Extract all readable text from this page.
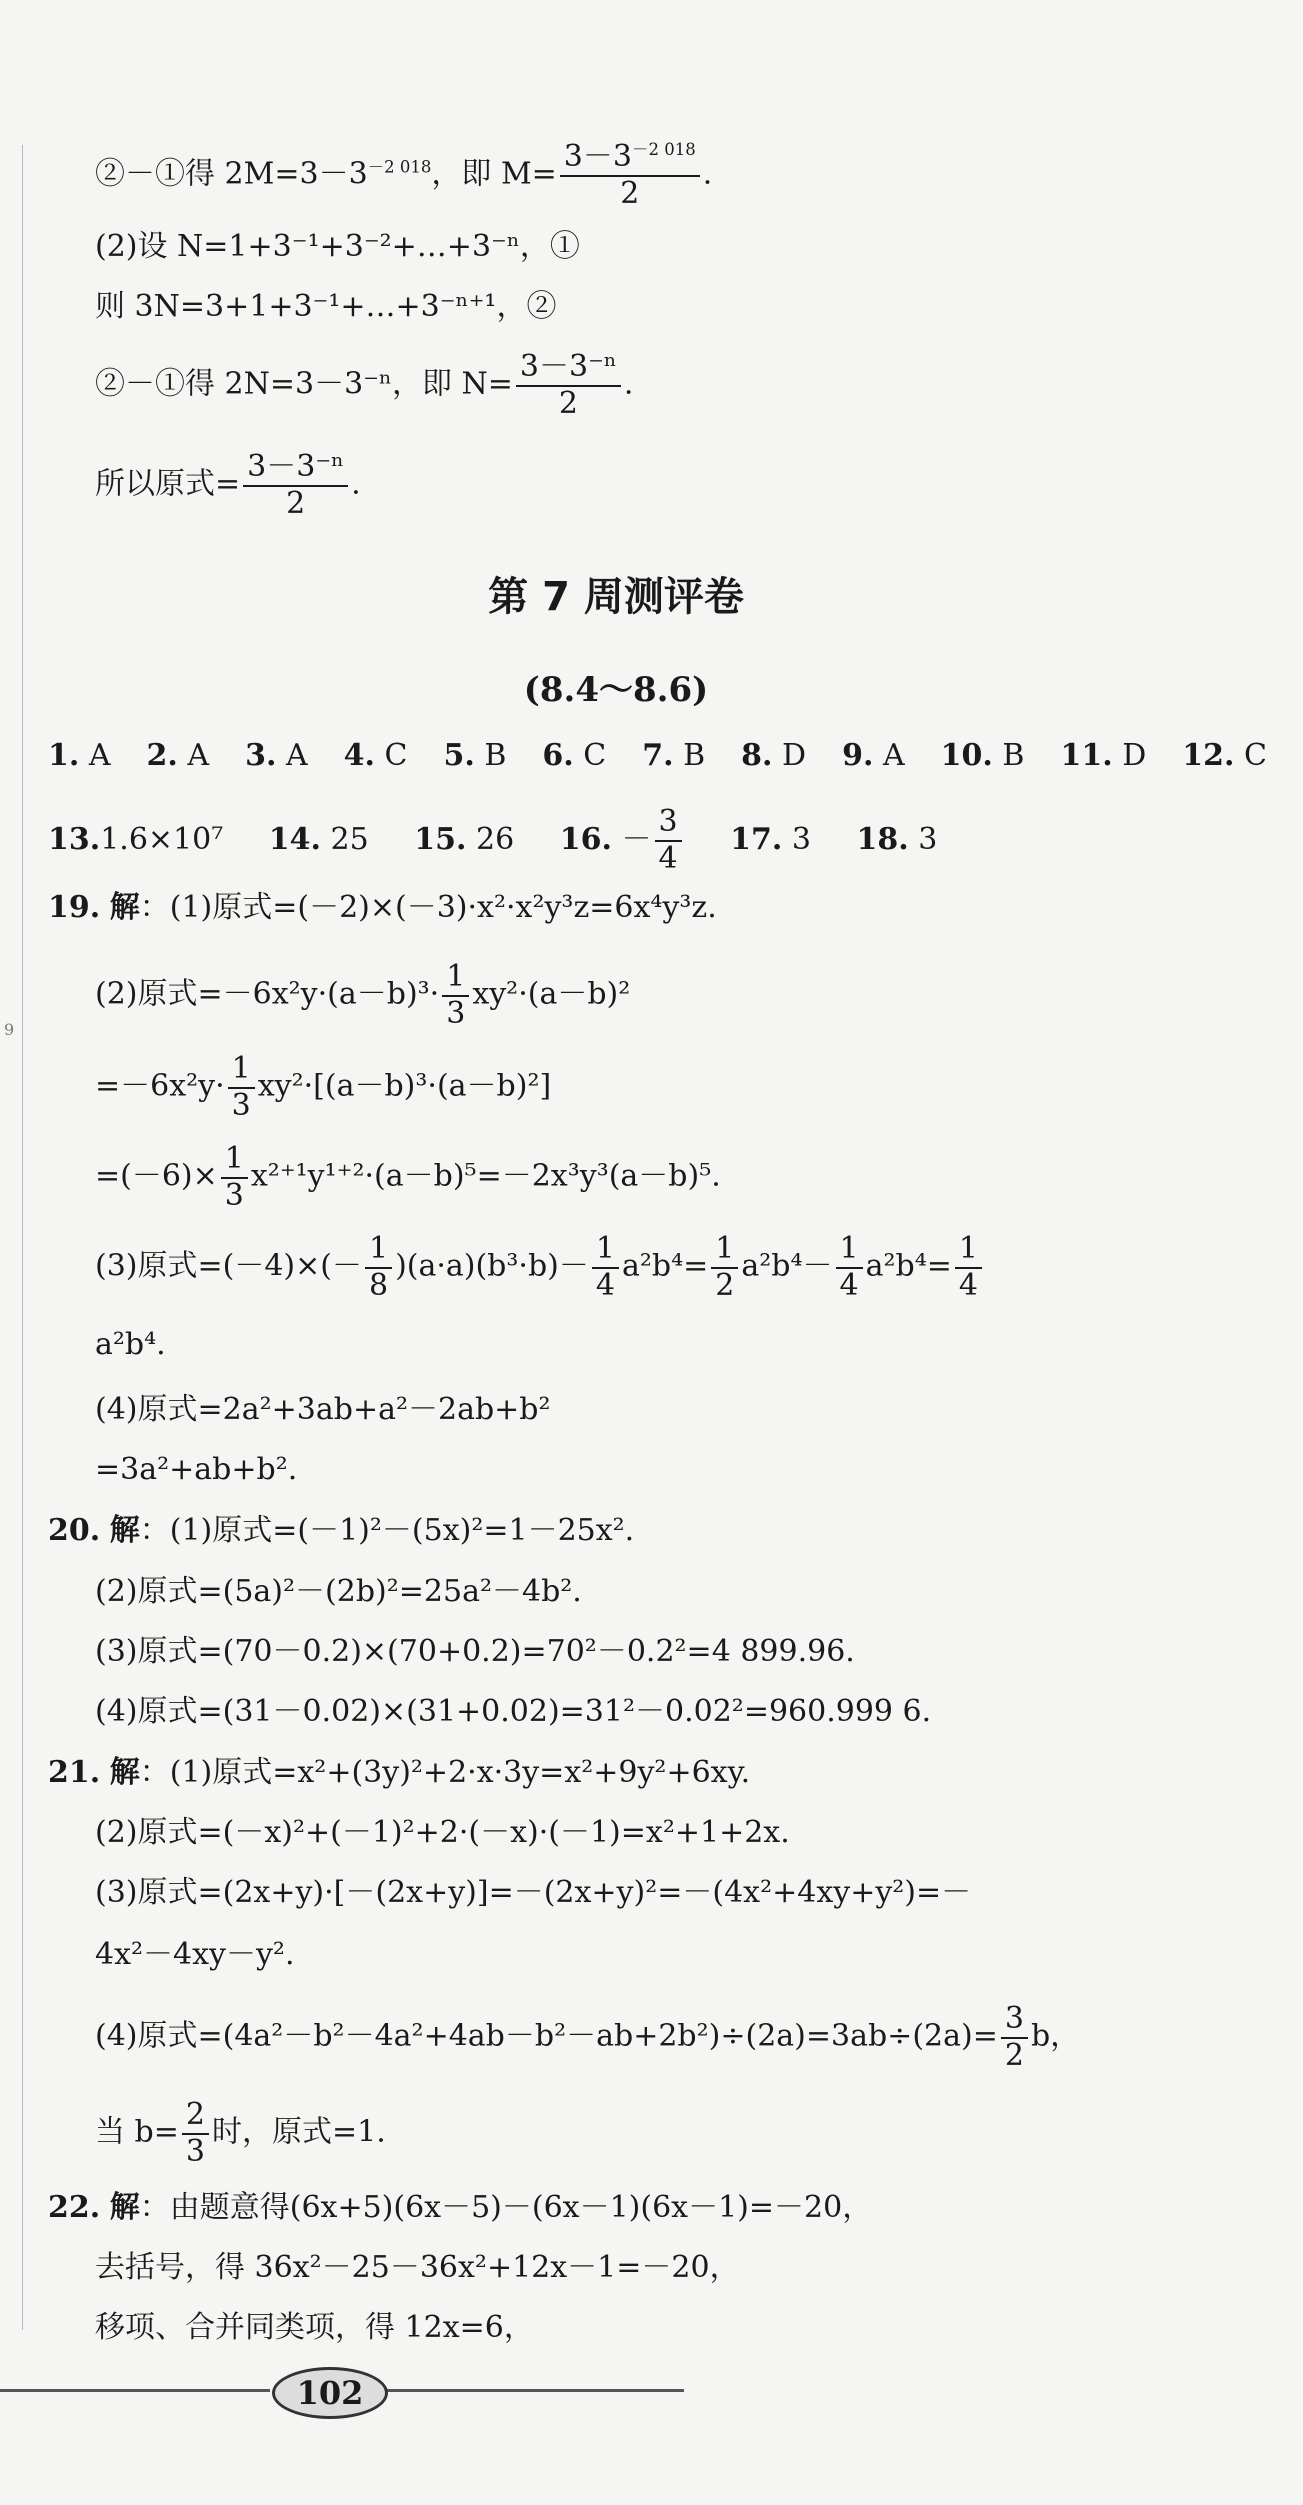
9
②－①得 $2M=3-3^{-2 018}$，即 $M= \frac{3-3^{-2 018}}{2}$ .
(2)设 N=1+3⁻¹+3⁻²+…+3⁻ⁿ，①
则 3N=3+1+3⁻¹+…+3⁻ⁿ⁺¹，②
②－①得 2N=3－3⁻ⁿ，即 $N= \frac{\text{3－3⁻ⁿ}}{2}$ .
所以原式= $\frac{\text{3－3⁻ⁿ}}{2}$ .
第 7 周测评卷
(8.4～8.6)
1. A 2. A 3. A 4. C 5. B 6. C 7. B 8. D 9. A 10. B 11. D 12. C
13.1.6×10⁷ 14. 25 15. 26 16. － $\frac{3}{4} 17$. 3 18. 3
19. 解：(1)原式=(－2)×(－3)·x²·x²y³z=6x⁴y³z.
(2)原式$=-6x^2y\cdot(a-b)^3\cdot \frac{1}{3} xy^2\cdot(a-b)^2$
$=-6x^2y\cdot \frac{1}{3} xy^2\cdot[(a-b)^3\cdot(a-b)^2]$
$=(-6)\times \frac{1}{3} x^{2+1}y^{1+2}\cdot(a-b)^5=-2x^3y^3(a-b)^5$.
(3)原式$=(-4)\times(- \frac{1}{8} )(a\cdot a)(b^3\cdot b)- \frac{1}{4} a^2b^4= \frac{1}{2} a^2b^4- \frac{1}{4} a^2b^4= \frac{1}{4}$
a²b⁴.
(4)原式=2a²+3ab+a²－2ab+b²
=3a²+ab+b².
20. 解：(1)原式=(－1)²－(5x)²=1－25x².
(2)原式=(5a)²－(2b)²=25a²－4b².
(3)原式=(70－0.2)×(70+0.2)=70²－0.2²=4 899.96.
(4)原式=(31－0.02)×(31+0.02)=31²－0.02²=960.999 6.
21. 解：(1)原式=x²+(3y)²+2·x·3y=x²+9y²+6xy.
(2)原式=(－x)²+(－1)²+2·(－x)·(－1)=x²+1+2x.
(3)原式=(2x+y)·[－(2x+y)]=－(2x+y)²=－(4x²+4xy+y²)=－
4x²－4xy－y².
(4)原式$=(4a^2-b^2-4a^2+4ab-b^2-ab+2b^2)\div(2a)=3ab\div(2a)= \frac{3}{2}$ b，
当 $b= \frac{2}{3}$ 时，原式=1.
22. 解：由题意得(6x+5)(6x－5)－(6x－1)(6x－1)=－20，
去括号，得 36x²－25－36x²+12x－1=－20，
移项、合并同类项，得 12x=6，
102
